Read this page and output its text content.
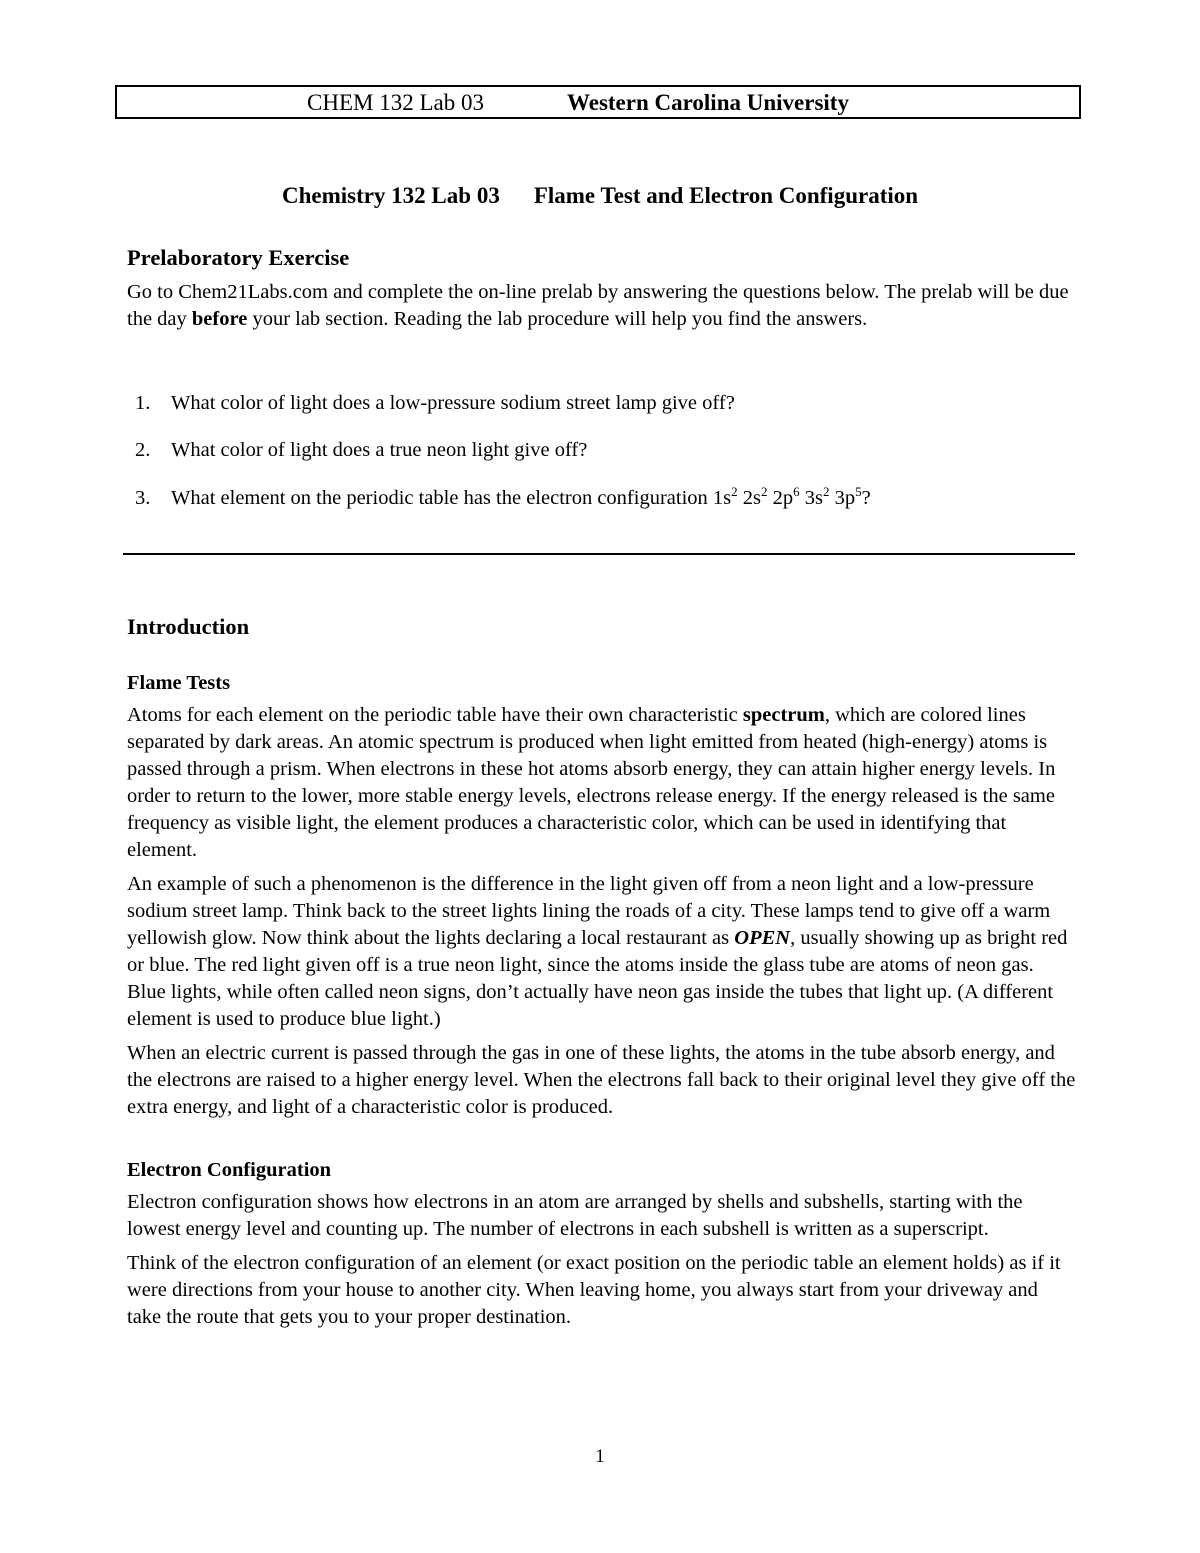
CHEM 132 Lab 03	Western Carolina University
Chemistry 132 Lab 03 Flame Test and Electron Configuration
Prelaboratory Exercise

Go to Chem21Labs.com and complete the on-line prelab by answering the questions below. The prelab will be due the day before your lab section. Reading the lab procedure will help you find the answers.

1. What color of light does a low-pressure sodium street lamp give off?
2. What color of light does a true neon light give off?
3. What element on the periodic table has the electron configuration $1s^2$ $2s^2$ $2p^6$ $3s^2$ $3p^5$?
Introduction
Flame Tests

Atoms for each element on the periodic table have their own characteristic spectrum, which are colored lines separated by dark areas. An atomic spectrum is produced when light emitted from heated (high-energy) atoms is passed through a prism. When electrons in these hot atoms absorb energy, they can attain higher energy levels. In order to return to the lower, more stable energy levels, electrons release energy. If the energy released is the same frequency as visible light, the element produces a characteristic color, which can be used in identifying that element.

An example of such a phenomenon is the difference in the light given off from a neon light and a low-pressure sodium street lamp. Think back to the street lights lining the roads of a city. These lamps tend to give off a warm yellowish glow. Now think about the lights declaring a local restaurant as OPEN, usually showing up as bright red or blue. The red light given off is a true neon light, since the atoms inside the glass tube are atoms of neon gas. Blue lights, while often called neon signs, don’t actually have neon gas inside the tubes that light up. (A different element is used to produce blue light.)

When an electric current is passed through the gas in one of these lights, the atoms in the tube absorb energy, and the electrons are raised to a higher energy level. When the electrons fall back to their original level they give off the extra energy, and light of a characteristic color is produced.

Electron Configuration

Electron configuration shows how electrons in an atom are arranged by shells and subshells, starting with the lowest energy level and counting up. The number of electrons in each subshell is written as a superscript.

Think of the electron configuration of an element (or exact position on the periodic table an element holds) as if it were directions from your house to another city. When leaving home, you always start from your driveway and take the route that gets you to your proper destination.

1
